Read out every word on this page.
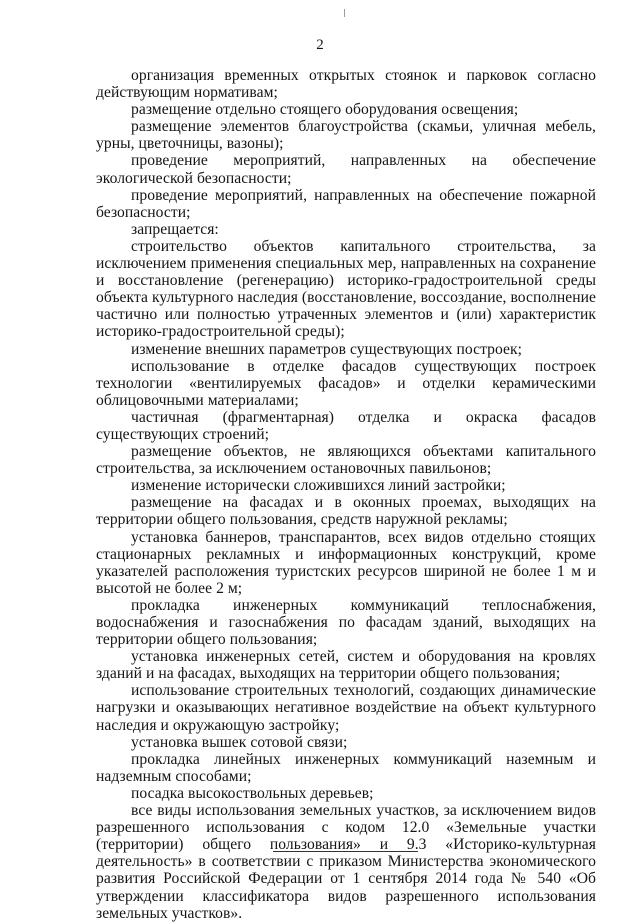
2

организация временных открытых стоянок и парковок согласно действующим нормативам;

размещение отдельно стоящего оборудования освещения;

размещение элементов благоустройства (скамьи, уличная мебель, урны, цветочницы, вазоны);

проведение мероприятий, направленных на обеспечение экологической безопасности;

проведение мероприятий, направленных на обеспечение пожарной безопасности;

запрещается:

строительство объектов капитального строительства, за исключением применения специальных мер, направленных на сохранение и восстановление (регенерацию) историко-градостроительной среды объекта культурного наследия (восстановление, воссоздание, восполнение частично или полностью утраченных элементов и (или) характеристик историко-градостроительной среды);

изменение внешних параметров существующих построек;

использование в отделке фасадов существующих построек технологии «вентилируемых фасадов» и отделки керамическими облицовочными материалами;

частичная (фрагментарная) отделка и окраска фасадов существующих строений;

размещение объектов, не являющихся объектами капитального строительства, за исключением остановочных павильонов;

изменение исторически сложившихся линий застройки;

размещение на фасадах и в оконных проемах, выходящих на территории общего пользования, средств наружной рекламы;

установка баннеров, транспарантов, всех видов отдельно стоящих стационарных рекламных и информационных конструкций, кроме указателей расположения туристских ресурсов шириной не более 1 м и высотой не более 2 м;

прокладка инженерных коммуникаций теплоснабжения, водоснабжения и газоснабжения по фасадам зданий, выходящих на территории общего пользования;

установка инженерных сетей, систем и оборудования на кровлях зданий и на фасадах, выходящих на территории общего пользования;

использование строительных технологий, создающих динамические нагрузки и оказывающих негативное воздействие на объект культурного наследия и окружающую застройку;

установка вышек сотовой связи;

прокладка линейных инженерных коммуникаций наземным и надземным способами;

посадка высокоствольных деревьев;

все виды использования земельных участков, за исключением видов разрешенного использования с кодом 12.0 «Земельные участки (территории) общего пользования» и 9.3 «Историко-культурная деятельность» в соответствии с приказом Министерства экономического развития Российской Федерации от 1 сентября 2014 года № 540 «Об утверждении классификатора видов разрешенного использования земельных участков».
